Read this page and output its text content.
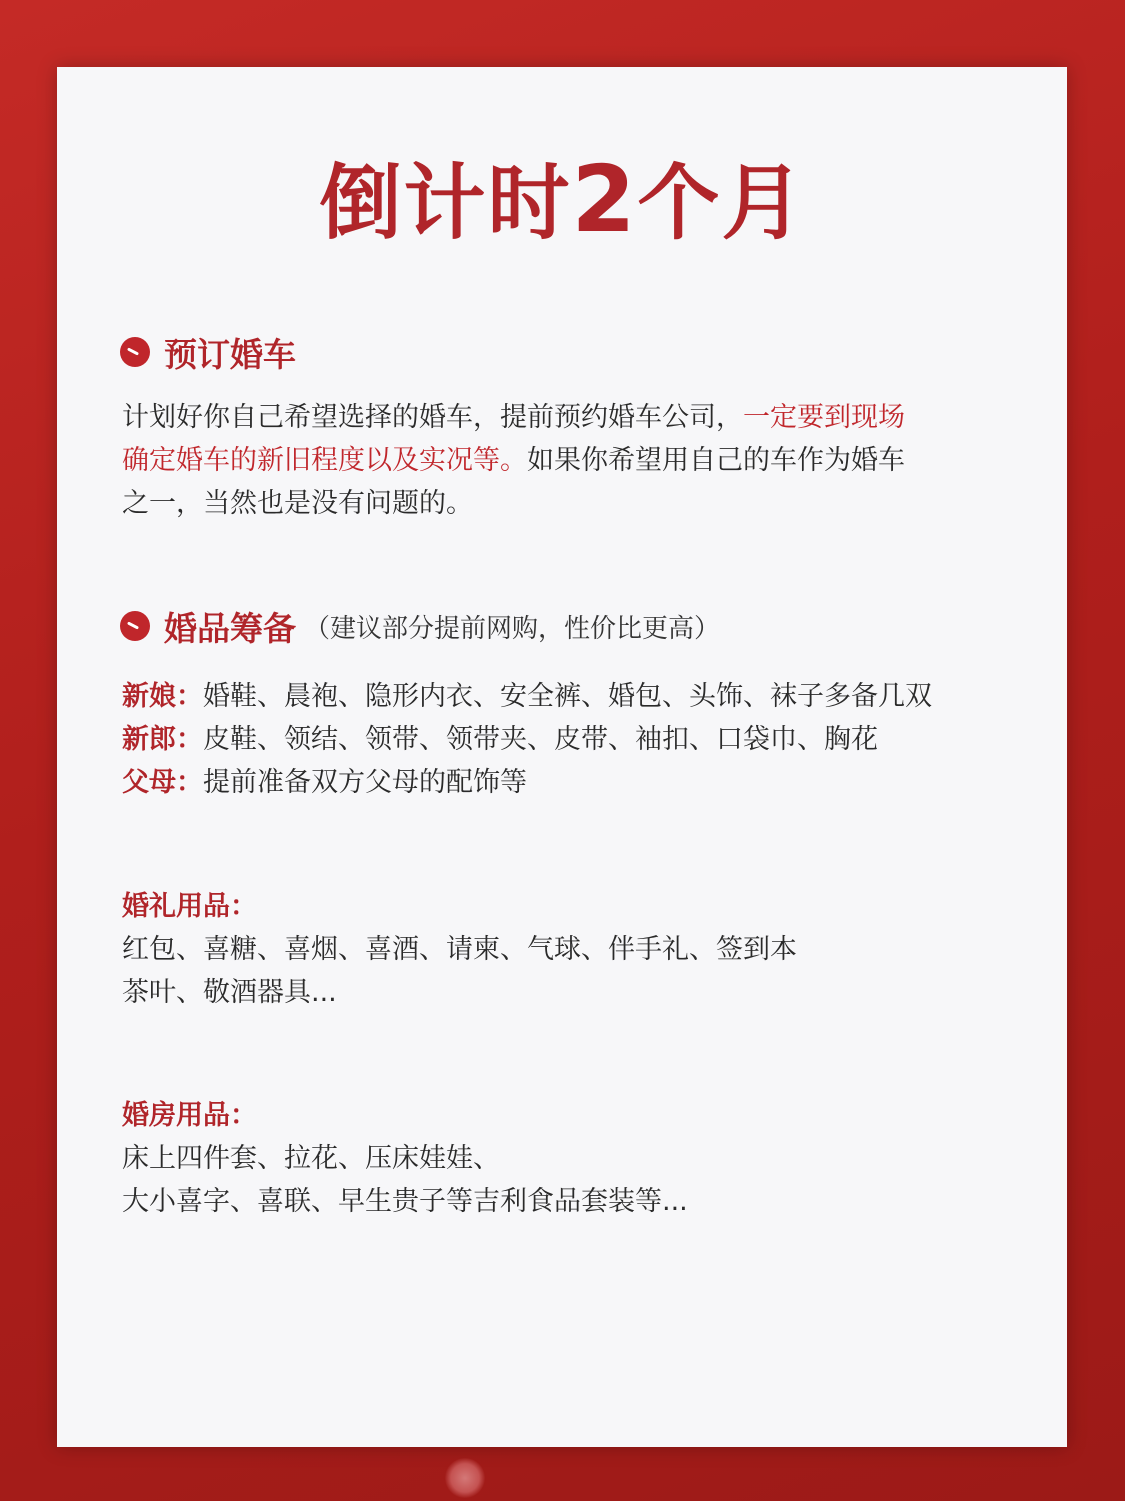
倒计时2个月
预订婚车
计划好你自己希望选择的婚车，提前预约婚车公司，一定要到现场
确定婚车的新旧程度以及实况等。如果你希望用自己的车作为婚车
之一，当然也是没有问题的。
婚品筹备 （建议部分提前网购，性价比更高）
新娘：婚鞋、晨袍、隐形内衣、安全裤、婚包、头饰、袜子多备几双
新郎：皮鞋、领结、领带、领带夹、皮带、袖扣、口袋巾、胸花
父母：提前准备双方父母的配饰等
婚礼用品：
红包、喜糖、喜烟、喜酒、请柬、气球、伴手礼、签到本
茶叶、敬酒器具...
婚房用品：
床上四件套、拉花、压床娃娃、
大小喜字、喜联、早生贵子等吉利食品套装等...
